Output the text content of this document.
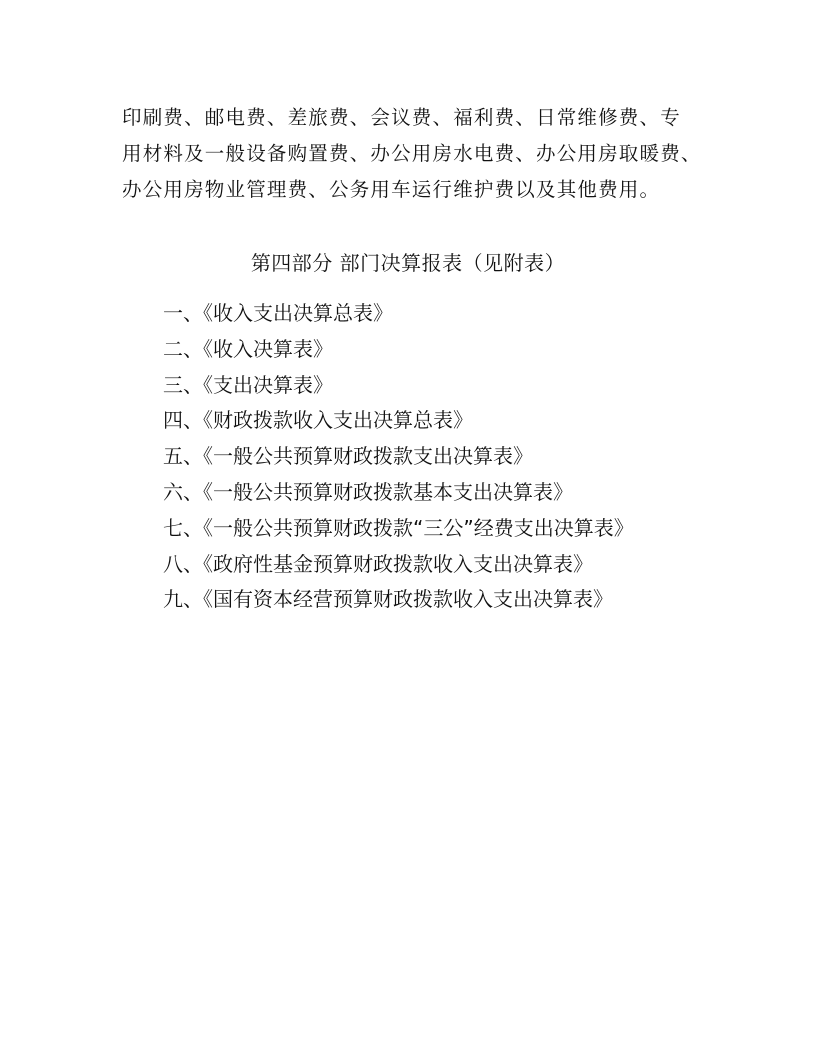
印刷费、邮电费、差旅费、会议费、福利费、日常维修费、专
用材料及一般设备购置费、办公用房水电费、办公用房取暖费、
办公用房物业管理费、公务用车运行维护费以及其他费用。

第四部分 部门决算报表（见附表）
一、《收入支出决算总表》
二、《收入决算表》
三、《支出决算表》
四、《财政拨款收入支出决算总表》
五、《一般公共预算财政拨款支出决算表》
六、《一般公共预算财政拨款基本支出决算表》
七、《一般公共预算财政拨款“三公”经费支出决算表》
八、《政府性基金预算财政拨款收入支出决算表》
九、《国有资本经营预算财政拨款收入支出决算表》
